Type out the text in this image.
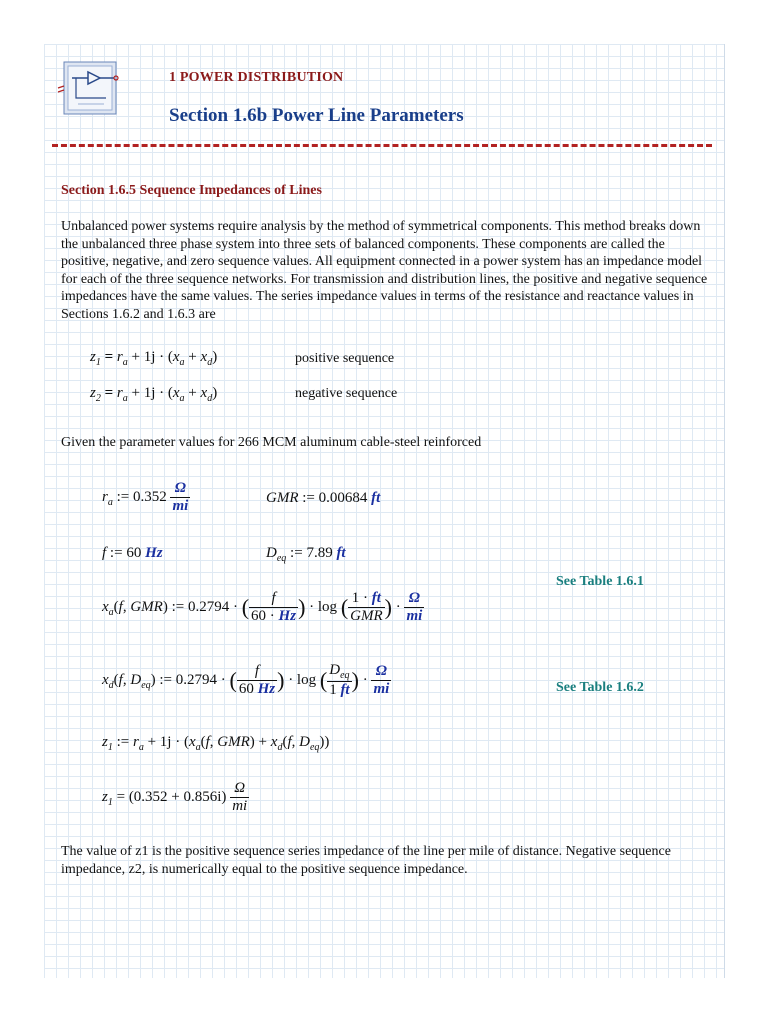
1 POWER DISTRIBUTION
Section 1.6b Power Line Parameters
Section 1.6.5 Sequence Impedances of Lines
Unbalanced power systems require analysis by the method of symmetrical components. This method breaks down the unbalanced three phase system into three sets of balanced components. These components are called the positive, negative, and zero sequence values. All equipment connected in a power system has an impedance model for each of the three sequence networks. For transmission and distribution lines, the positive and negative sequence impedances have the same values. The series impedance values in terms of the resistance and reactance values in Sections 1.6.2 and 1.6.3 are
$z_1 = r_a + 1j \cdot (x_a + x_d)$	positive sequence
$z_2 = r_a + 1j \cdot (x_a + x_d)$	negative sequence
Given the parameter values for 266 MCM aluminum cable-steel reinforced
$r_a$ := $0.352 \frac{\Omega}{mi}$	GMR := 0.00684 ft
f := 60 Hz	$D_{eq}$ := 7.89 ft
See Table 1.6.1
$x_a(f$, GMR) := 0.2794 · ( $\frac{f}{60 \cdot Hz}$ ) · log ( $\frac{1 \cdot ft}{\text{GMR}}$ ) · $\frac{\Omega}{mi}$
$x_d(f$, $D_{eq}$) := 0.2794 · ( $\frac{f}{60 Hz}$ ) · log ( $\frac{D_{eq}}{1 ft}$ ) · $\frac{\Omega}{mi}$	See Table 1.6.2
$z_1$ := $r_a + 1j \cdot (x_a(f$, $GMR) + x_d(f$, $D_{eq}$))
$z_1 = (0.352 + 0.856i) \frac{\Omega}{mi}$
The value of z1 is the positive sequence series impedance of the line per mile of distance. Negative sequence impedance, z2, is numerically equal to the positive sequence impedance.
